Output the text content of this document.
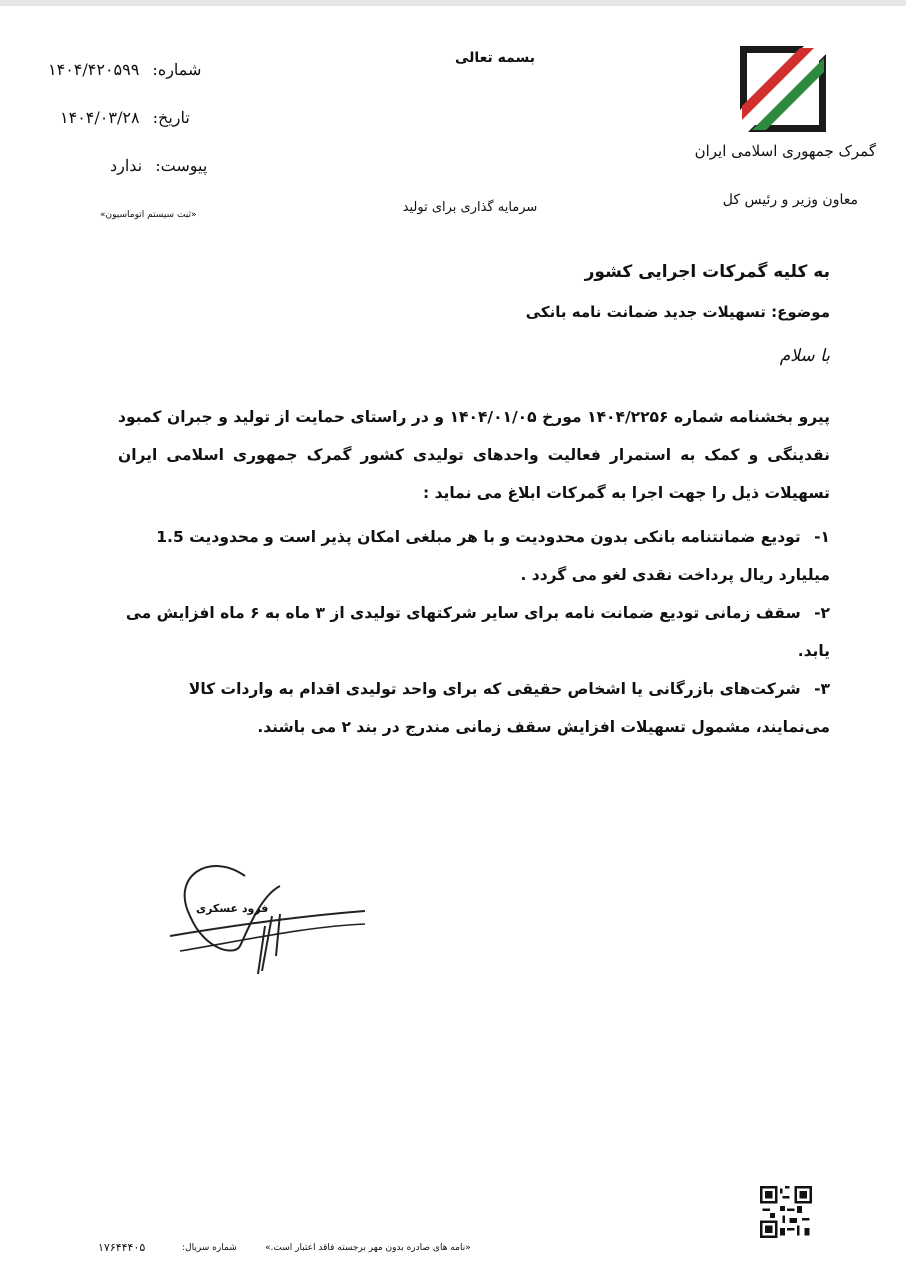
گمرک جمهوری اسلامی ایران
معاون وزیر و رئیس کل
بسمه تعالی
سرمایه گذاری برای تولید
شماره: ۱۴۰۴/۴۲۰۵۹۹
تاریخ: ۱۴۰۴/۰۳/۲۸
پیوست: ندارد
«ثبت سیستم اتوماسیون»
به کلیه گمرکات اجرایی کشور
موضوع: تسهیلات جدید ضمانت نامه بانکی
با سلام
پیرو بخشنامه شماره ۱۴۰۴/۲۲۵۶ مورخ ۱۴۰۴/۰۱/۰۵ و در راستای حمایت از تولید و جبران کمبود نقدینگی و کمک به استمرار فعالیت واحدهای تولیدی کشور گمرک جمهوری اسلامی ایران تسهیلات ذیل را جهت اجرا به گمرکات ابلاغ می نماید :
۱- تودیع ضمانتنامه بانکی بدون محدودیت و با هر مبلغی امکان پذیر است و محدودیت 1.5 میلیارد ریال پرداخت نقدی لغو می گردد .
۲- سقف زمانی تودیع ضمانت نامه برای سایر شرکتهای تولیدی از ۳ ماه به ۶ ماه افزایش می یابد.
۳- شرکت‌های بازرگانی یا اشخاص حقیقی که برای واحد تولیدی اقدام به واردات کالا می‌نمایند، مشمول تسهیلات افزایش سقف زمانی مندرج در بند ۲ می باشند.
فرود عسکری
«نامه های صادره بدون مهر برجسته فاقد اعتبار است.»
شماره سریال:
۱۷۶۴۴۴۰۵
